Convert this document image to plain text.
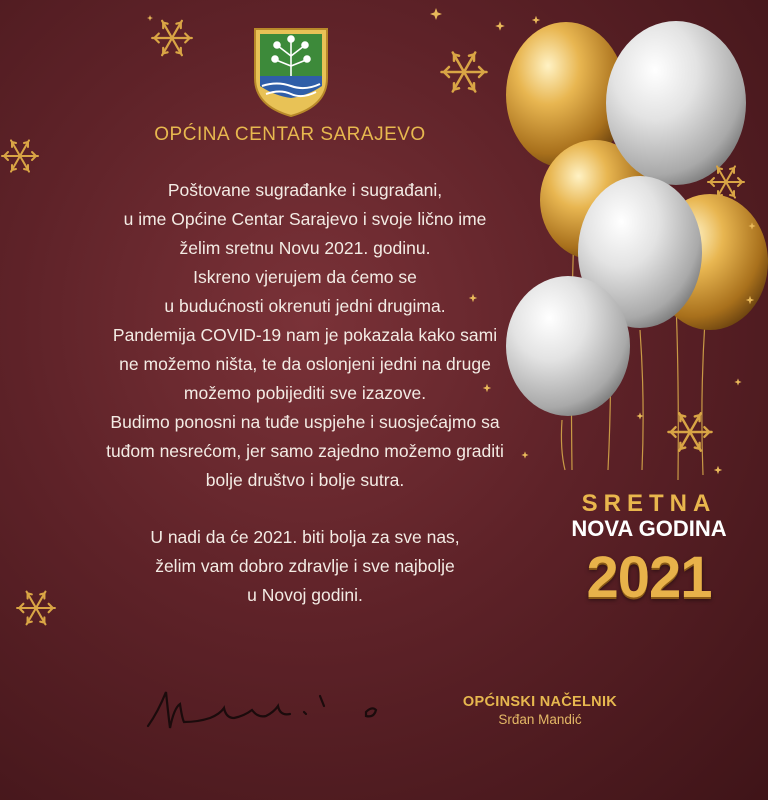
OPĆINA CENTAR SARAJEVO
Poštovane sugrađanke i sugrađani,
u ime Općine Centar Sarajevo i svoje lično ime
želim sretnu Novu 2021. godinu.
Iskreno vjerujem da ćemo se
u budućnosti okrenuti jedni drugima.
Pandemija COVID-19 nam je pokazala kako sami
ne možemo ništa, te da oslonjeni jedni na druge
možemo pobijediti sve izazove.
Budimo ponosni na tuđe uspjehe i suosjećajmo sa
tuđom nesrećom, jer samo zajedno možemo graditi
bolje društvo i bolje sutra.
U nadi da će 2021. biti bolja za sve nas,
želim vam dobro zdravlje i sve najbolje
u Novoj godini.
OPĆINSKI NAČELNIK
Srđan Mandić
SRETNA
NOVA GODINA
2021
